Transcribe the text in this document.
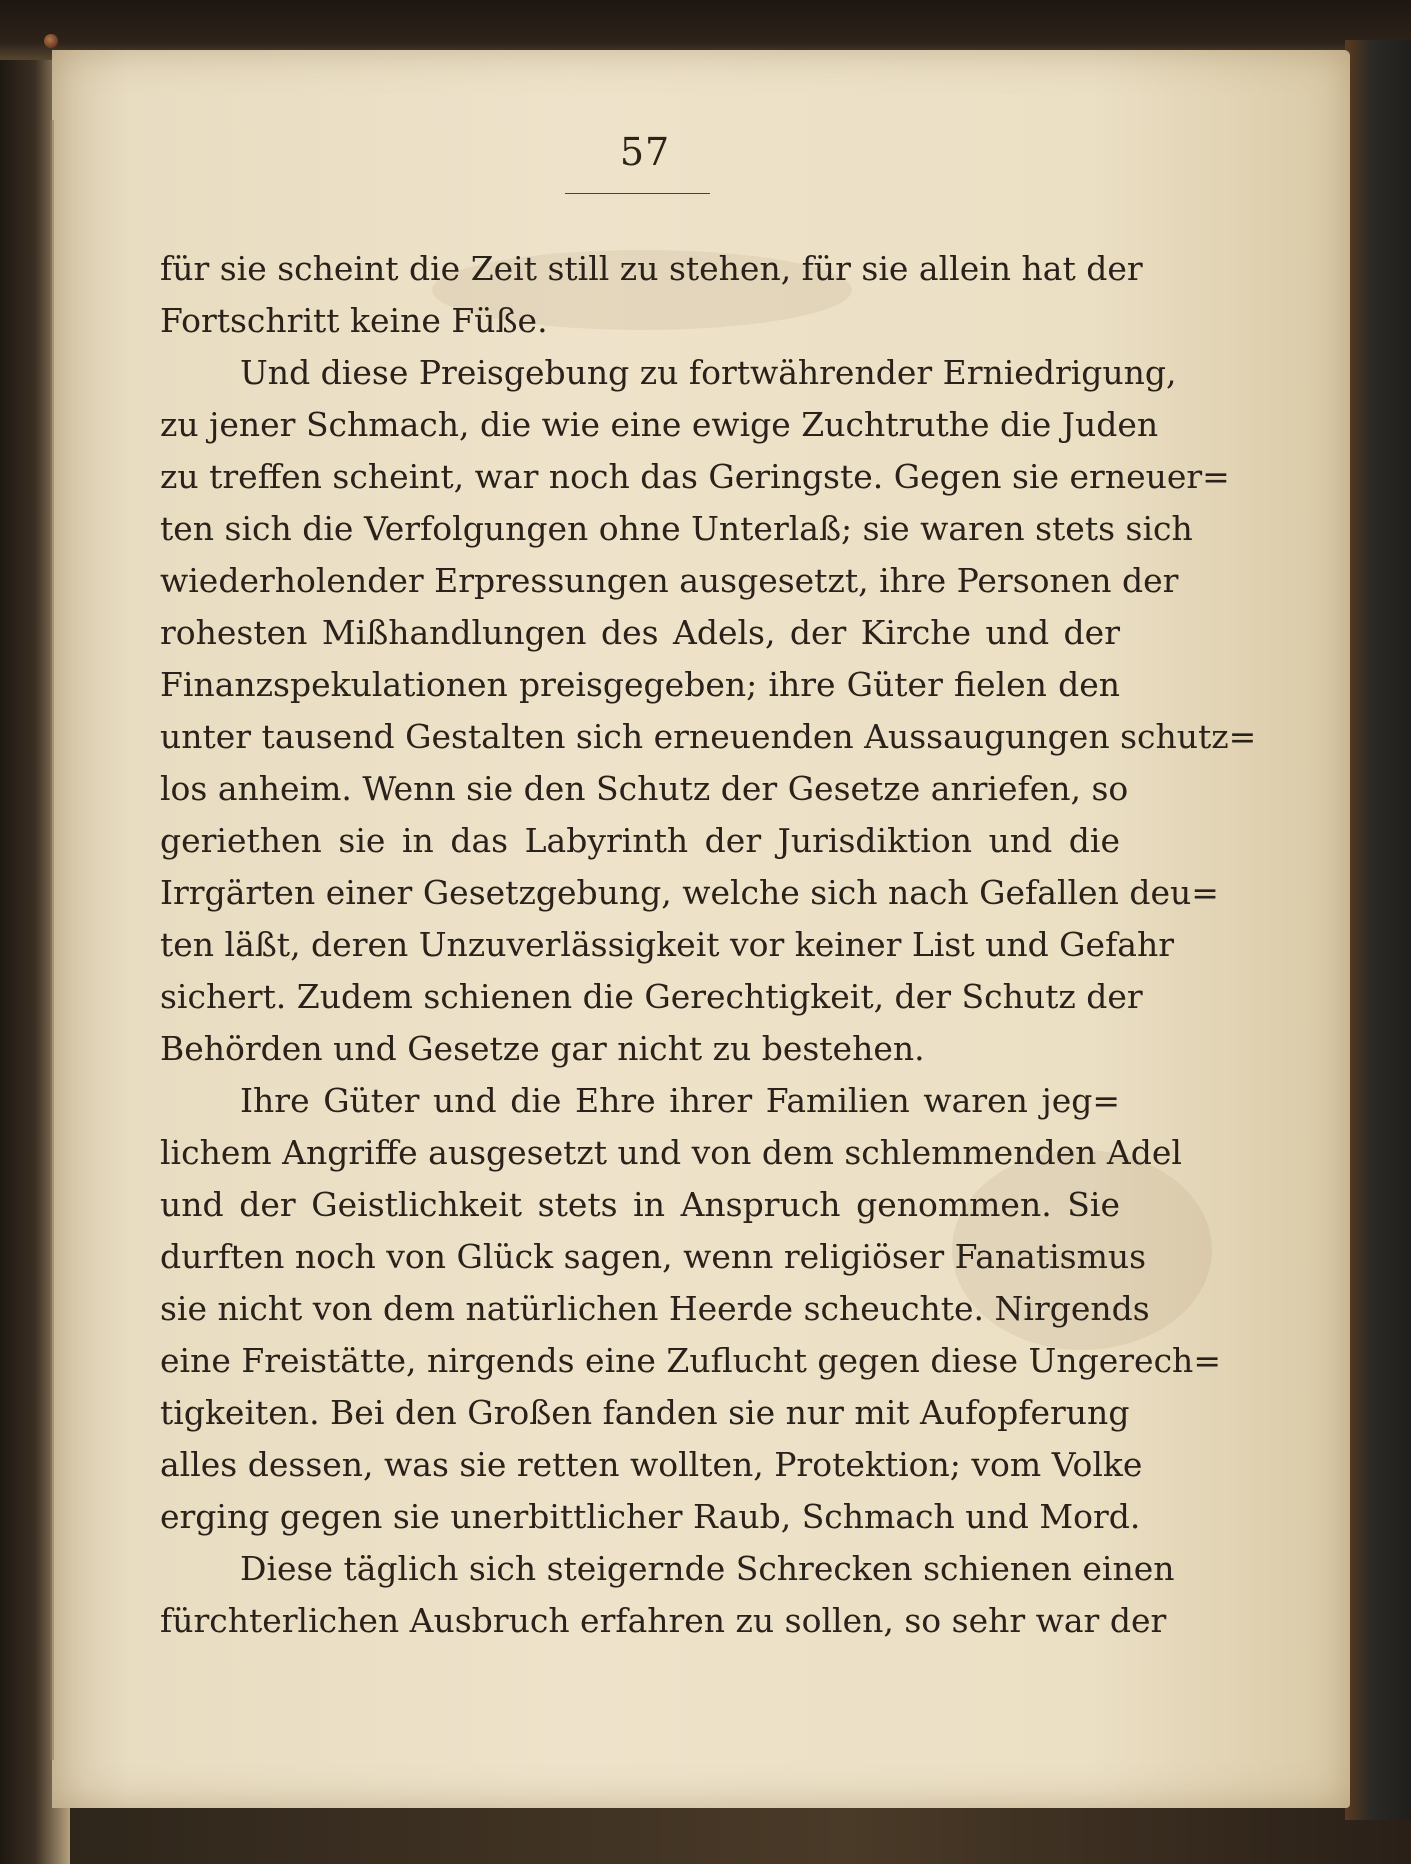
57
für sie scheint die Zeit still zu stehen, für sie allein hat der
Fortschritt keine Füße.
Und diese Preisgebung zu fortwährender Erniedrigung,
zu jener Schmach, die wie eine ewige Zuchtruthe die Juden
zu treffen scheint, war noch das Geringste. Gegen sie erneuer=
ten sich die Verfolgungen ohne Unterlaß; sie waren stets sich
wiederholender Erpressungen ausgesetzt, ihre Personen der
rohesten Mißhandlungen des Adels, der Kirche und der
Finanzspekulationen preisgegeben; ihre Güter fielen den
unter tausend Gestalten sich erneuenden Aussaugungen schutz=
los anheim. Wenn sie den Schutz der Gesetze anriefen, so
geriethen sie in das Labyrinth der Jurisdiktion und die
Irrgärten einer Gesetzgebung, welche sich nach Gefallen deu=
ten läßt, deren Unzuverlässigkeit vor keiner List und Gefahr
sichert. Zudem schienen die Gerechtigkeit, der Schutz der
Behörden und Gesetze gar nicht zu bestehen.
Ihre Güter und die Ehre ihrer Familien waren jeg=
lichem Angriffe ausgesetzt und von dem schlemmenden Adel
und der Geistlichkeit stets in Anspruch genommen. Sie
durften noch von Glück sagen, wenn religiöser Fanatismus
sie nicht von dem natürlichen Heerde scheuchte. Nirgends
eine Freistätte, nirgends eine Zuflucht gegen diese Ungerech=
tigkeiten. Bei den Großen fanden sie nur mit Aufopferung
alles dessen, was sie retten wollten, Protektion; vom Volke
erging gegen sie unerbittlicher Raub, Schmach und Mord.
Diese täglich sich steigernde Schrecken schienen einen
fürchterlichen Ausbruch erfahren zu sollen, so sehr war der
